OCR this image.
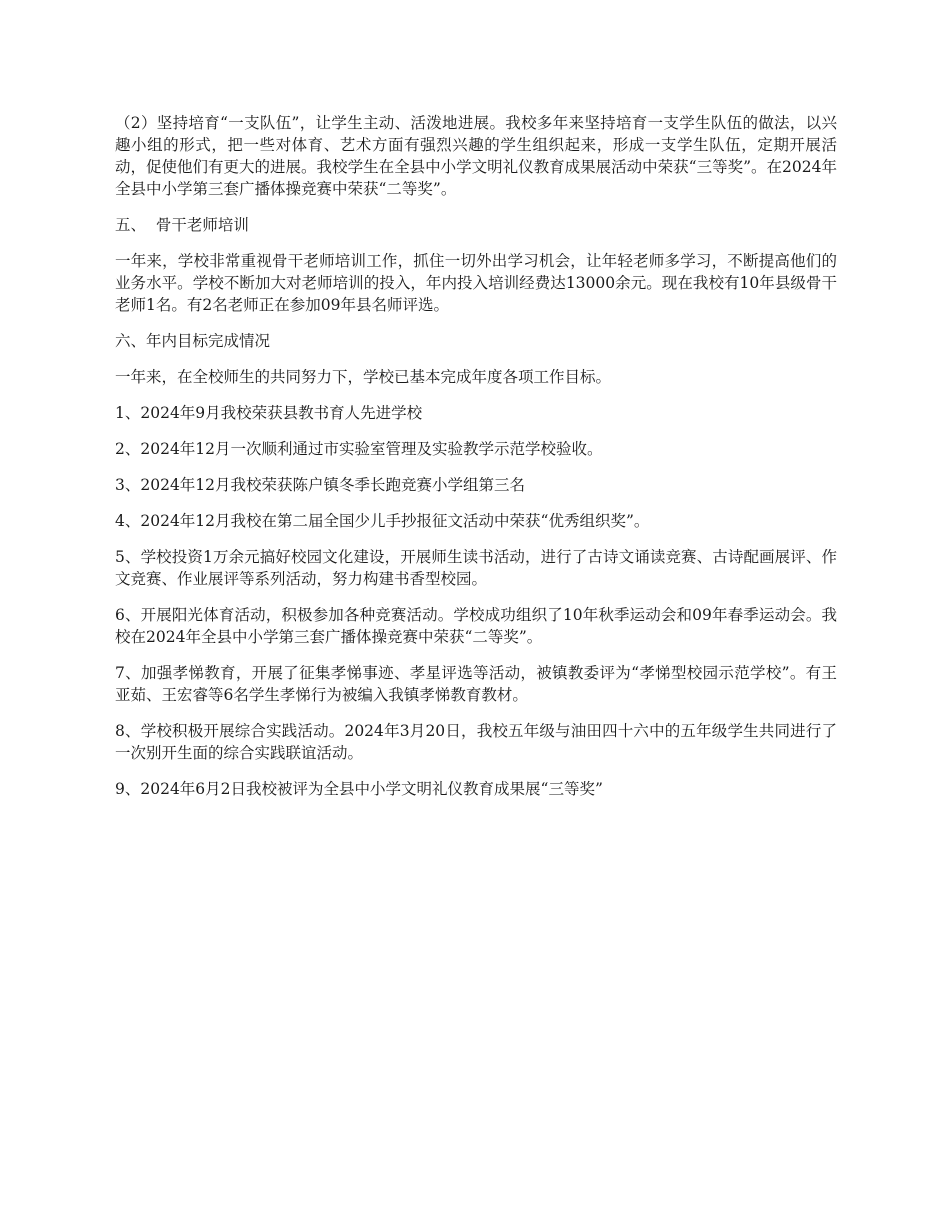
（2）坚持培育“一支队伍”，让学生主动、活泼地进展。我校多年来坚持培育一支学生队伍的做法，以兴趣小组的形式，把一些对体育、艺术方面有强烈兴趣的学生组织起来，形成一支学生队伍，定期开展活动，促使他们有更大的进展。我校学生在全县中小学文明礼仪教育成果展活动中荣获“三等奖”。在2024年全县中小学第三套广播体操竞赛中荣获“二等奖”。

五、  骨干老师培训

一年来，学校非常重视骨干老师培训工作，抓住一切外出学习机会，让年轻老师多学习，不断提高他们的业务水平。学校不断加大对老师培训的投入，年内投入培训经费达13000余元。现在我校有10年县级骨干老师1名。有2名老师正在参加09年县名师评选。

六、年内目标完成情况

一年来，在全校师生的共同努力下，学校已基本完成年度各项工作目标。

1、2024年9月我校荣获县教书育人先进学校

2、2024年12月一次顺利通过市实验室管理及实验教学示范学校验收。

3、2024年12月我校荣获陈户镇冬季长跑竞赛小学组第三名

4、2024年12月我校在第二届全国少儿手抄报征文活动中荣获“优秀组织奖”。

5、学校投资1万余元搞好校园文化建设，开展师生读书活动，进行了古诗文诵读竞赛、古诗配画展评、作文竞赛、作业展评等系列活动，努力构建书香型校园。

6、开展阳光体育活动，积极参加各种竞赛活动。学校成功组织了10年秋季运动会和09年春季运动会。我校在2024年全县中小学第三套广播体操竞赛中荣获“二等奖”。

7、加强孝悌教育，开展了征集孝悌事迹、孝星评选等活动，被镇教委评为“孝悌型校园示范学校”。有王亚茹、王宏睿等6名学生孝悌行为被编入我镇孝悌教育教材。

8、学校积极开展综合实践活动。2024年3月20日，我校五年级与油田四十六中的五年级学生共同进行了一次别开生面的综合实践联谊活动。

9、2024年6月2日我校被评为全县中小学文明礼仪教育成果展“三等奖”
